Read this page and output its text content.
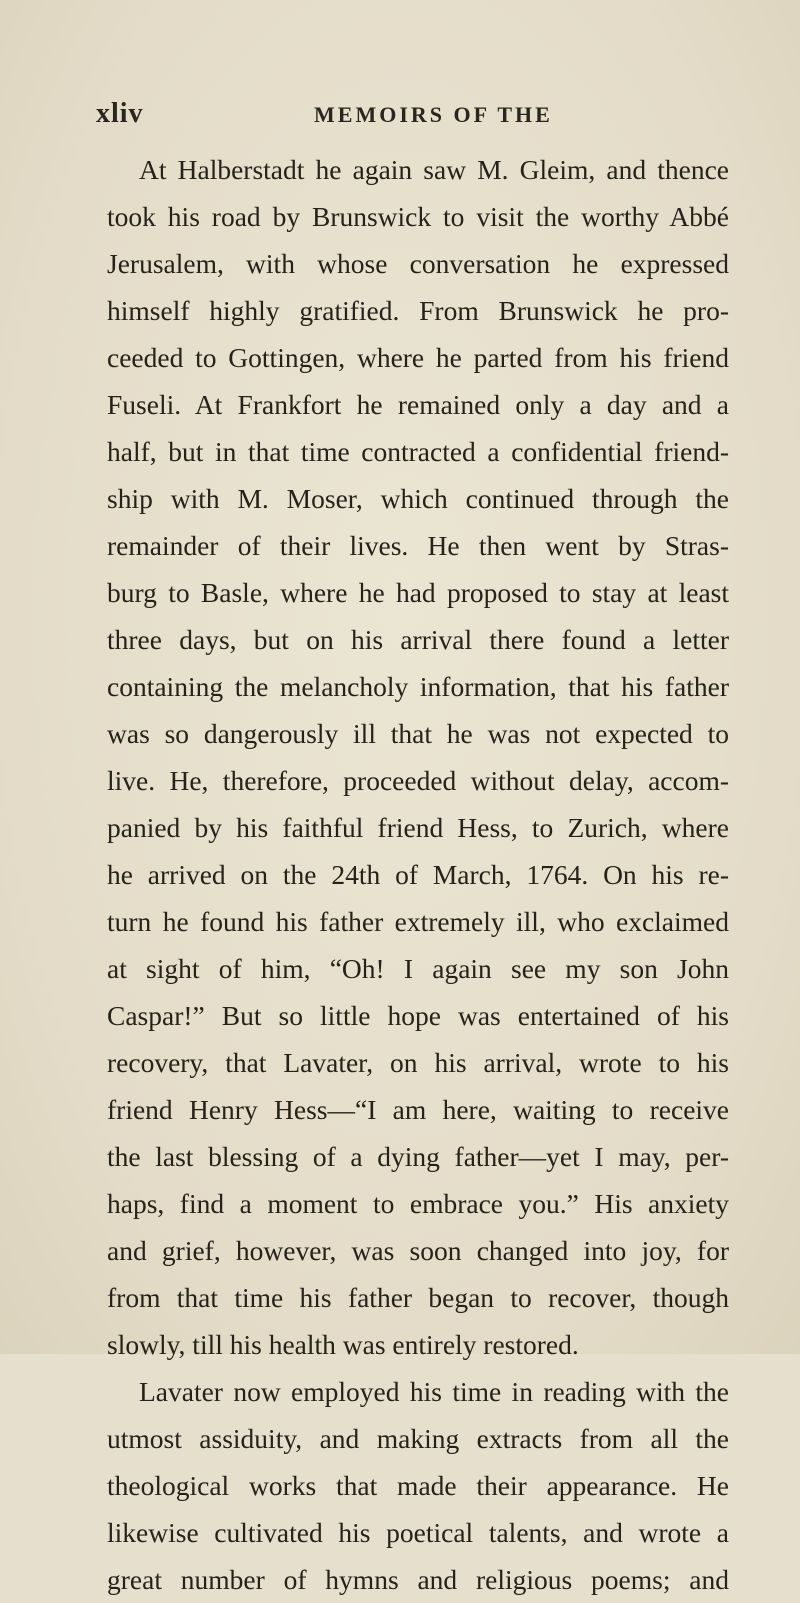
xliv	MEMOIRS OF THE
At Halberstadt he again saw M. Gleim, and thence
took his road by Brunswick to visit the worthy Abbé
Jerusalem, with whose conversation he expressed
himself highly gratified. From Brunswick he pro-
ceeded to Gottingen, where he parted from his friend
Fuseli. At Frankfort he remained only a day and a
half, but in that time contracted a confidential friend-
ship with M. Moser, which continued through the
remainder of their lives. He then went by Stras-
burg to Basle, where he had proposed to stay at least
three days, but on his arrival there found a letter
containing the melancholy information, that his father
was so dangerously ill that he was not expected to
live. He, therefore, proceeded without delay, accom-
panied by his faithful friend Hess, to Zurich, where
he arrived on the 24th of March, 1764. On his re-
turn he found his father extremely ill, who exclaimed
at sight of him, “Oh! I again see my son John
Caspar!” But so little hope was entertained of his
recovery, that Lavater, on his arrival, wrote to his
friend Henry Hess—“I am here, waiting to receive
the last blessing of a dying father—yet I may, per-
haps, find a moment to embrace you.” His anxiety
and grief, however, was soon changed into joy, for
from that time his father began to recover, though
slowly, till his health was entirely restored.
Lavater now employed his time in reading with the
utmost assiduity, and making extracts from all the
theological works that made their appearance. He
likewise cultivated his poetical talents, and wrote a
great number of hymns and religious poems; and
